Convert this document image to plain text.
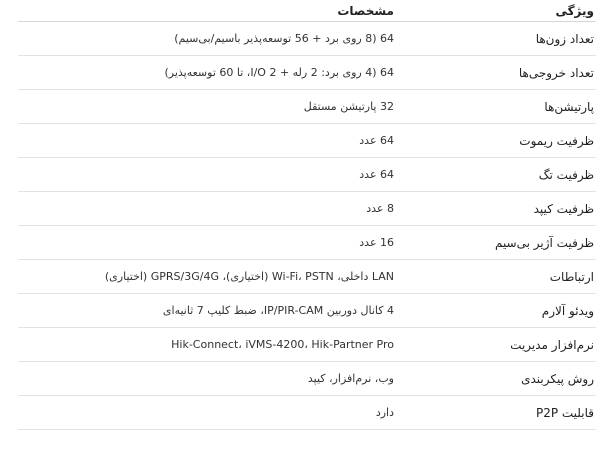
ویژگی
مشخصات
تعداد زون‌ها
64 (8 روی برد + 56 توسعه‌پذیر باسیم/بی‌سیم)
تعداد خروجی‌ها
64 (4 روی برد: 2 رله + I/O 2، تا 60 توسعه‌پذیر)
پارتیشن‌ها
32 پارتیشن مستقل
ظرفیت ریموت
64 عدد
ظرفیت تگ
64 عدد
ظرفیت کیپد
8 عدد
ظرفیت آژیر بی‌سیم
16 عدد
ارتباطات
LAN داخلی، Wi-Fi، PSTN (اختیاری)، GPRS/3G/4G (اختیاری)
ویدئو آلارم
4 کانال دوربین IP/PIR-CAM، ضبط کلیپ 7 ثانیه‌ای
نرم‌افزار مدیریت
Hik-Connect، iVMS-4200، Hik-Partner Pro
روش پیکربندی
وب، نرم‌افزار، کیپد
قابلیت P2P
دارد
